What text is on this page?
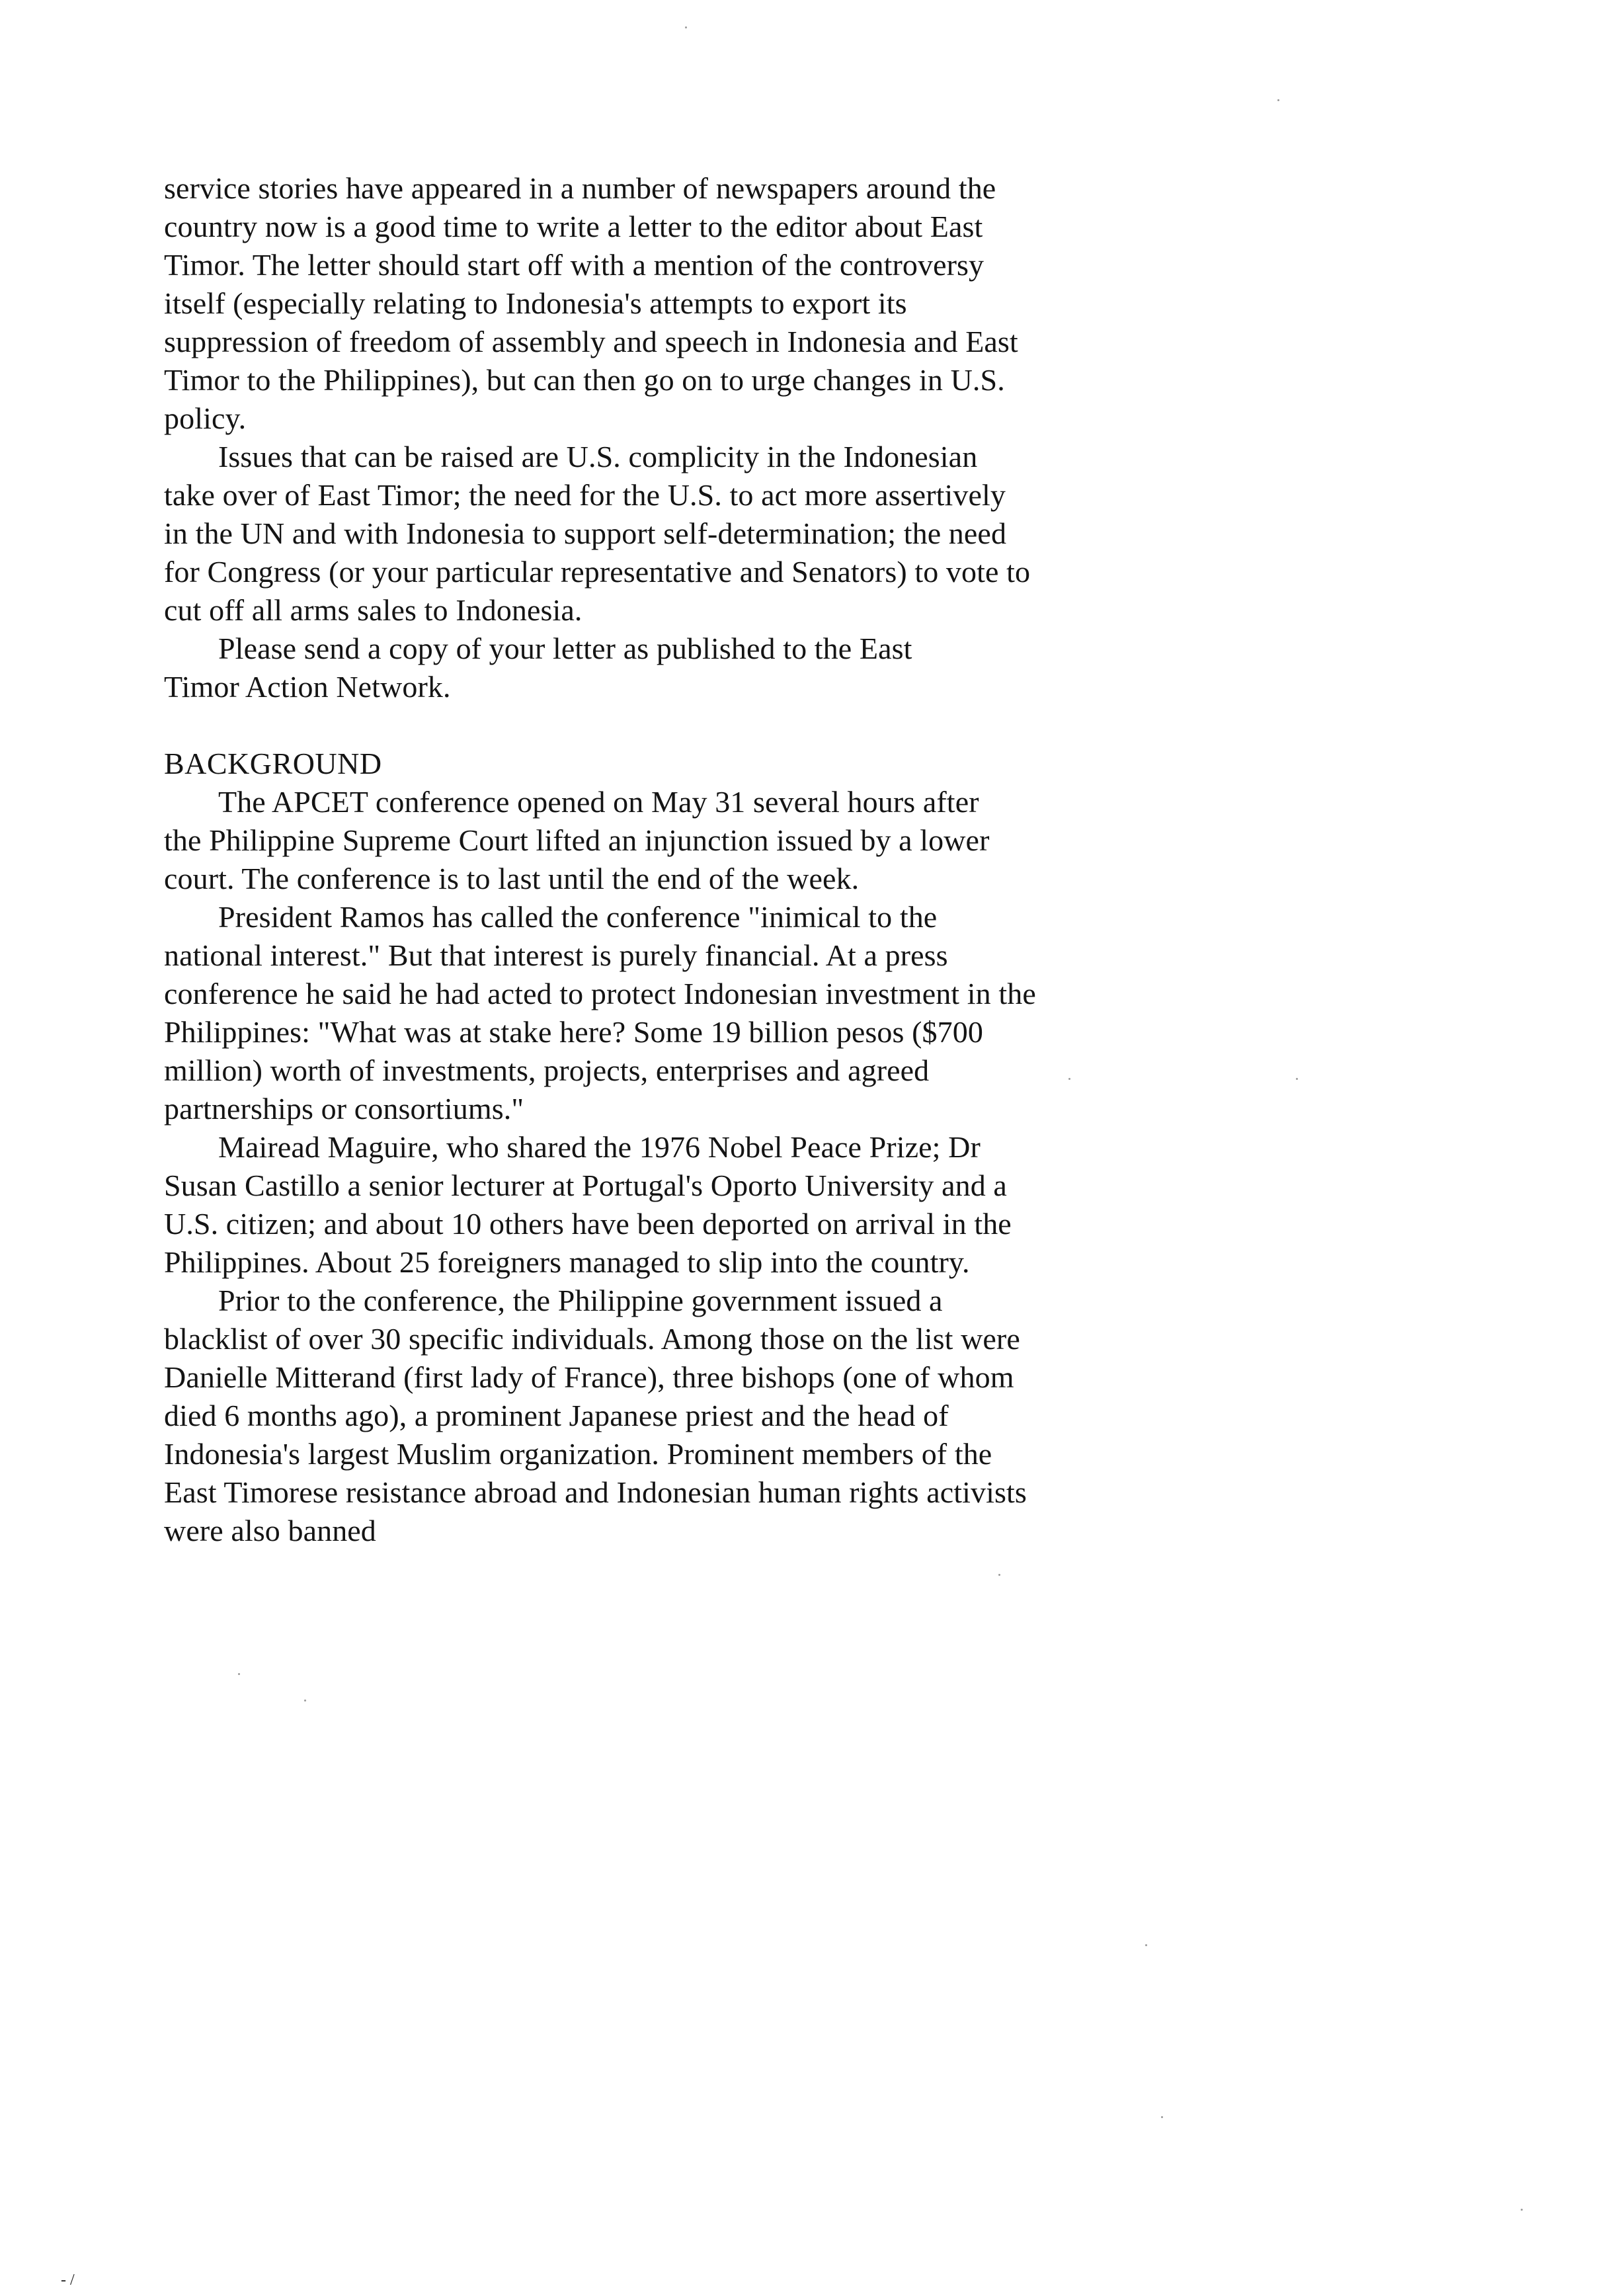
service stories have appeared in a number of newspapers around the
country now is a good time to write a letter to the editor about East
Timor. The letter should start off with a mention of the controversy
itself (especially relating to Indonesia's attempts to export its
suppression of freedom of assembly and speech in Indonesia and East
Timor to the Philippines), but can then go on to urge changes in U.S.
policy.
Issues that can be raised are U.S. complicity in the Indonesian
take over of East Timor; the need for the U.S. to act more assertively
in the UN and with Indonesia to support self-determination; the need
for Congress (or your particular representative and Senators) to vote to
cut off all arms sales to Indonesia.
Please send a copy of your letter as published to the East
Timor Action Network.
BACKGROUND
The APCET conference opened on May 31 several hours after
the Philippine Supreme Court lifted an injunction issued by a lower
court. The conference is to last until the end of the week.
President Ramos has called the conference "inimical to the
national interest." But that interest is purely financial. At a press
conference he said he had acted to protect Indonesian investment in the
Philippines: "What was at stake here? Some 19 billion pesos ($700
million) worth of investments, projects, enterprises and agreed
partnerships or consortiums."
Mairead Maguire, who shared the 1976 Nobel Peace Prize; Dr
Susan Castillo a senior lecturer at Portugal's Oporto University and a
U.S. citizen; and about 10 others have been deported on arrival in the
Philippines. About 25 foreigners managed to slip into the country.
Prior to the conference, the Philippine government issued a
blacklist of over 30 specific individuals. Among those on the list were
Danielle Mitterand (first lady of France), three bishops (one of whom
died 6 months ago), a prominent Japanese priest and the head of
Indonesia's largest Muslim organization. Prominent members of the
East Timorese resistance abroad and Indonesian human rights activists
were also banned
- /
